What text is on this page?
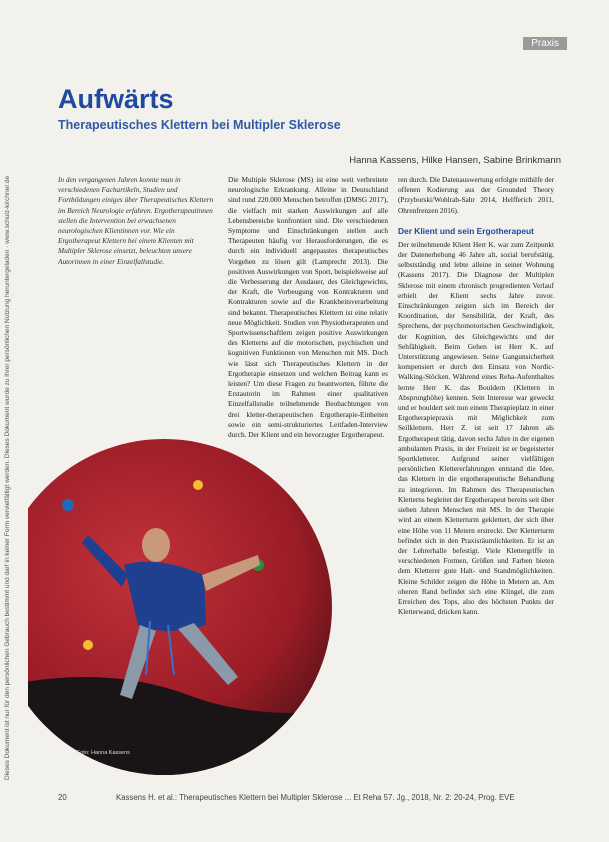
Praxis
Dieses Dokument ist nur für den persönlichen Gebrauch bestimmt und darf in keiner Form vervielfältigt werden. Dieses Dokument wurde zu Ihrer persönlichen Nutzung heruntergeladen · www.schulz-kirchner.de
Aufwärts
Therapeutisches Klettern bei Multipler Sklerose
Hanna Kassens, Hilke Hansen, Sabine Brinkmann
In den vergangenen Jahren konnte man in verschiedenen Fachartikeln, Studien und Fortbildungen einiges über Therapeutisches Klettern im Bereich Neurologie erfahren. Ergotherapeutinnen stellen die Intervention bei erwachsenen neurologischen Klientinnen vor. Wie ein Ergotherapeut Klettern bei einem Klienten mit Multipler Sklerose einsetzt, beleuchten unsere Autorinnen in einer Einzelfallstudie.
Foto: Hanna Kassens

Die Multiple Sklerose (MS) ist eine weit verbreitete neurologische Erkrankung. Alleine in Deutschland sind rund 220.000 Menschen betroffen (DMSG 2017), die vielfach mit starken Auswirkungen auf alle Lebensbereiche konfrontiert sind. Die verschiedenen Symptome und Einschränkungen stellen auch Therapeuten häufig vor Herausforderungen, die es durch ein individuell angepasstes therapeutisches Vorgehen zu lösen gilt (Lamprecht 2013). Die positiven Auswirkungen von Sport, beispielsweise auf die Verbesserung der Ausdauer, des Gleichgewichts, der Kraft, die Vorbeugung von Kontrakturen und Kontrakturen sowie auf die Krankheitsverarbeitung sind bekannt. Therapeutisches Klettern ist eine relativ neue Möglichkeit. Studien von Physiotherapeuten und Sportwissenschaftlern zeigen positive Auswirkungen des Kletterns auf die motorischen, psychischen und kognitiven Funktionen von Menschen mit MS. Doch wie lässt sich Therapeutisches Klettern in der Ergotherapie einsetzen und welchen Beitrag kann es leisten? Um diese Fragen zu beantworten, führte die Erstautorin im Rahmen einer qualitativen Einzelfallstudie teilnehmende Beobachtungen von drei kletter-therapeutischen Ergotherapie-Einheiten sowie ein semi-strukturiertes Leitfaden-Interview durch. Der Klient und ein bevorzugter Ergotherapeut.

ren durch. Die Datenauswertung erfolgte mithilfe der offenen Kodierung aus der Grounded Theory (Przyborski/Wohlrab-Sahr 2014, Helfferich 2011, Ohrenfrenzen 2016).

Der Klient und sein Ergotherapeut

Der teilnehmende Klient Herr K. war zum Zeitpunkt der Datenerhebung 46 Jahre alt, sozial berufstätig, selbstständig und lebte alleine in seiner Wohnung (Kassens 2017). Die Diagnose der Multiplen Sklerose mit einem chronisch progredienten Verlauf erhielt der Klient sechs Jahre zuvor. Einschränkungen zeigten sich im Bereich der Koordination, der Sensibilität, der Kraft, des Sprechens, der psychomotorischen Geschwindigkeit, der Kognition, des Gleichgewichts und der Sehfähigkeit. Beim Gehen ist Herr K. auf Unterstützung angewiesen. Seine Gangunsicherheit kompensiert er durch den Einsatz von Nordic-Walking-Stöcken. Während eines Reha-Aufenthaltes lernte Herr K. das Bouldern (Klettern in Absprunghöhe) kennen. Sein Interesse war geweckt und er bouldert seit nun einem Therapieplatz in einer Ergotherapiepraxis mit Möglichkeit zum Seilklettern. Herr Z. ist seit 17 Jahren als Ergotherapeut tätig, davon sechs Jahre in der eigenen ambulanten Praxis, in der Freizeit ist er begeisterter Sportkletterer. Aufgrund seiner vielfältigen persönlichen Klettererfahrungen entstand die Idee, das Klettern in die ergotherapeutische Behandlung zu integrieren. Im Rahmen des Therapeutischen Kletterns begleitet der Ergotherapeut bereits seit über sieben Jahren Menschen mit MS. In der Therapie wird an einem Kletterturm geklettert, der sich über eine Höhe von 11 Metern erstreckt. Der Kletterturm befindet sich in den Praxisräumlichkeiten. Er ist an der Lehrerhalle befestigt. Viele Klettergriffe in verschiedenen Formen, Größen und Farben bieten dem Kletterer gute Halt- und Standmöglichkeiten. Kleine Schilder zeigen die Höhe in Metern an. Am oberen Rand befindet sich eine Klingel, die zum Erreichen des Tops, also des höchsten Punkts der Kletterwand, drücken kann.

20	Kassens H. et al.: Therapeutisches Klettern bei Multipler Sklerose ... Et Reha 57. Jg., 2018, Nr. 2: 20-24, Prog. EVE
